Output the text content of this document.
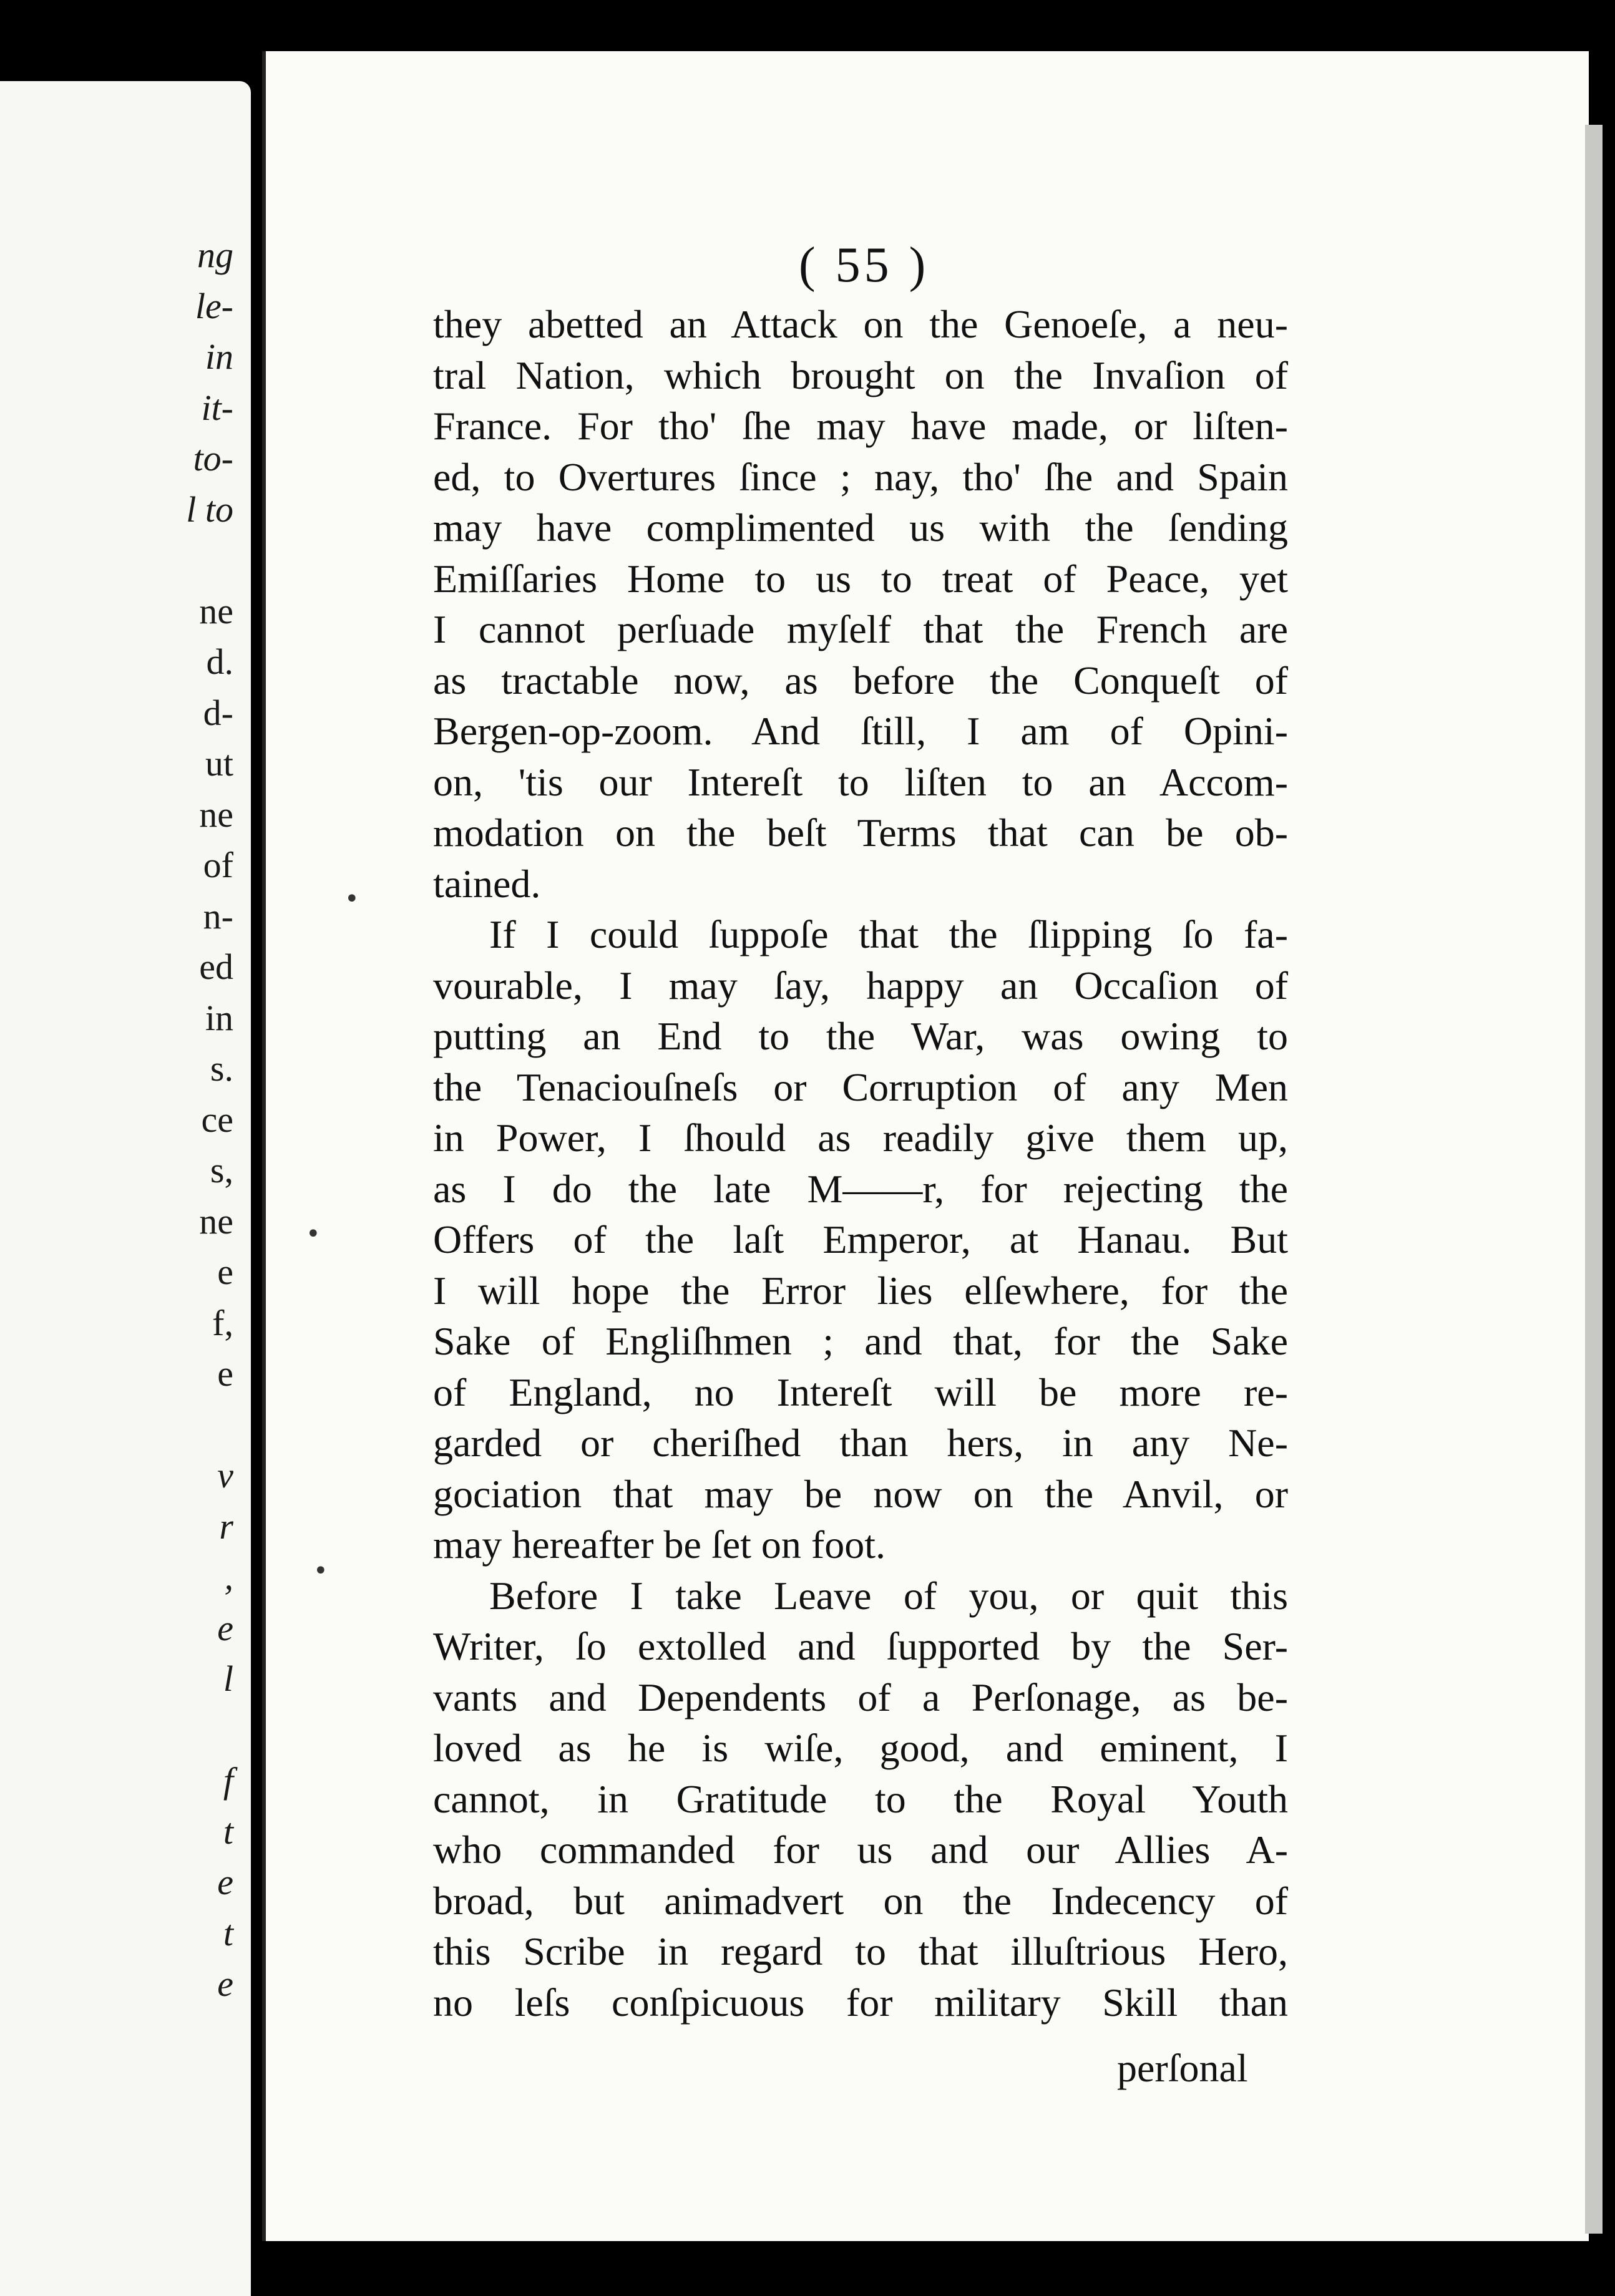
ng
le-
in
it-
to-
l to
ne
d.
d-
ut
ne
of
n-
ed
in
s.
ce
s,
ne
e
f,
e
v
r
,
e
l
f
t
e
t
e
( 55 )
they abetted an Attack on the Genoeſe, a neu-
tral Nation, which brought on the Invaſion of
France. For tho' ſhe may have made, or liſten-
ed, to Overtures ſince ; nay, tho' ſhe and Spain
may have complimented us with the ſending
Emiſſaries Home to us to treat of Peace, yet
I cannot perſuade myſelf that the French are
as tractable now, as before the Conqueſt of
Bergen-op-zoom. And ſtill, I am of Opini-
on, 'tis our Intereſt to liſten to an Accom-
modation on the beſt Terms that can be ob-
tained.
If I could ſuppoſe that the ſlipping ſo fa-
vourable, I may ſay, happy an Occaſion of
putting an End to the War, was owing to
the Tenaciouſneſs or Corruption of any Men
in Power, I ſhould as readily give them up,
as I do the late M——r, for rejecting the
Offers of the laſt Emperor, at Hanau. But
I will hope the Error lies elſewhere, for the
Sake of Engliſhmen ; and that, for the Sake
of England, no Intereſt will be more re-
garded or cheriſhed than hers, in any Ne-
gociation that may be now on the Anvil, or
may hereafter be ſet on foot.
Before I take Leave of you, or quit this
Writer, ſo extolled and ſupported by the Ser-
vants and Dependents of a Perſonage, as be-
loved as he is wiſe, good, and eminent, I
cannot, in Gratitude to the Royal Youth
who commanded for us and our Allies A-
broad, but animadvert on the Indecency of
this Scribe in regard to that illuſtrious Hero,
no leſs conſpicuous for military Skill than
perſonal
•
•
•
